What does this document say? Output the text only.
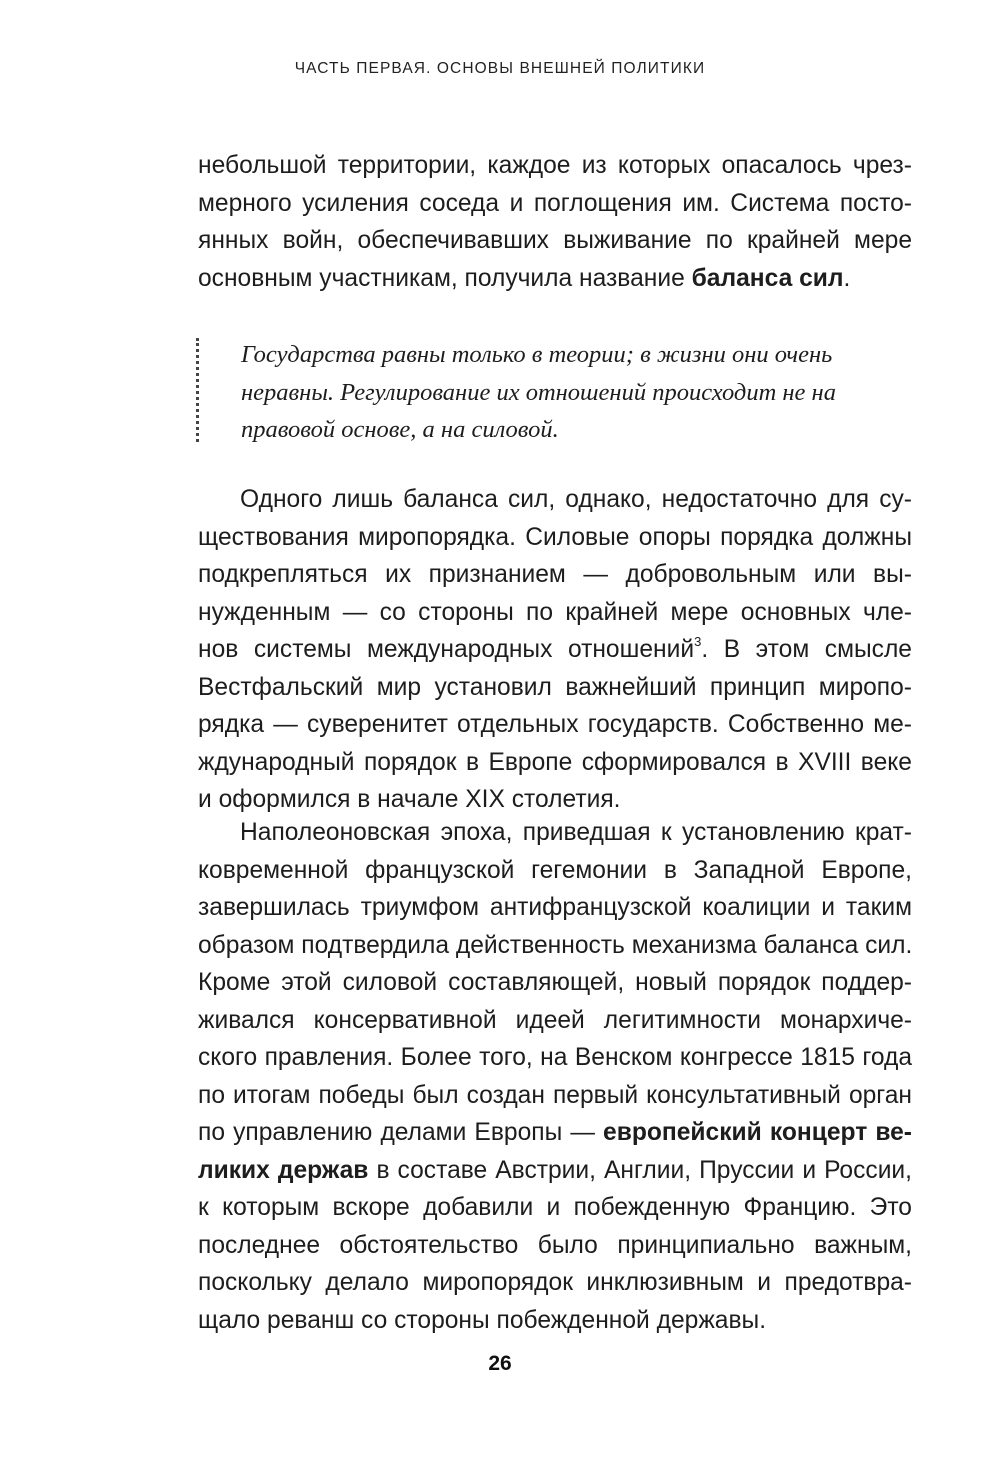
ЧАСТЬ ПЕРВАЯ. ОСНОВЫ ВНЕШНЕЙ ПОЛИТИКИ

небольшой территории, каждое из которых опасалось чрез-
мерного усиления соседа и поглощения им. Система посто-
янных войн, обеспечивавших выживание по крайней мере
основным участникам, получила название баланса сил.

Государства равны только в теории; в жизни они очень
неравны. Регулирование их отношений происходит не на
правовой основе, а на силовой.

Одного лишь баланса сил, однако, недостаточно для су-
ществования миропорядка. Силовые опоры порядка должны
подкрепляться их признанием — добровольным или вы-
нужденным — со стороны по крайней мере основных чле-
нов системы международных отношений$^3$. В этом смысле
Вестфальский мир установил важнейший принцип миропо-
рядка — суверенитет отдельных государств. Собственно ме-
ждународный порядок в Европе сформировался в XVIII веке
и оформился в начале XIX столетия.

Наполеоновская эпоха, приведшая к установлению крат-
ковременной французской гегемонии в Западной Европе,
завершилась триумфом антифранцузской коалиции и таким
образом подтвердила действенность механизма баланса сил.
Кроме этой силовой составляющей, новый порядок поддер-
живался консервативной идеей легитимности монархиче-
ского правления. Более того, на Венском конгрессе 1815 года
по итогам победы был создан первый консультативный орган
по управлению делами Европы — европейский концерт ве-
ликих держав в составе Австрии, Англии, Пруссии и России,
к которым вскоре добавили и побежденную Францию. Это
последнее обстоятельство было принципиально важным,
поскольку делало миропорядок инклюзивным и предотвра-
щало реванш со стороны побежденной державы.

26
